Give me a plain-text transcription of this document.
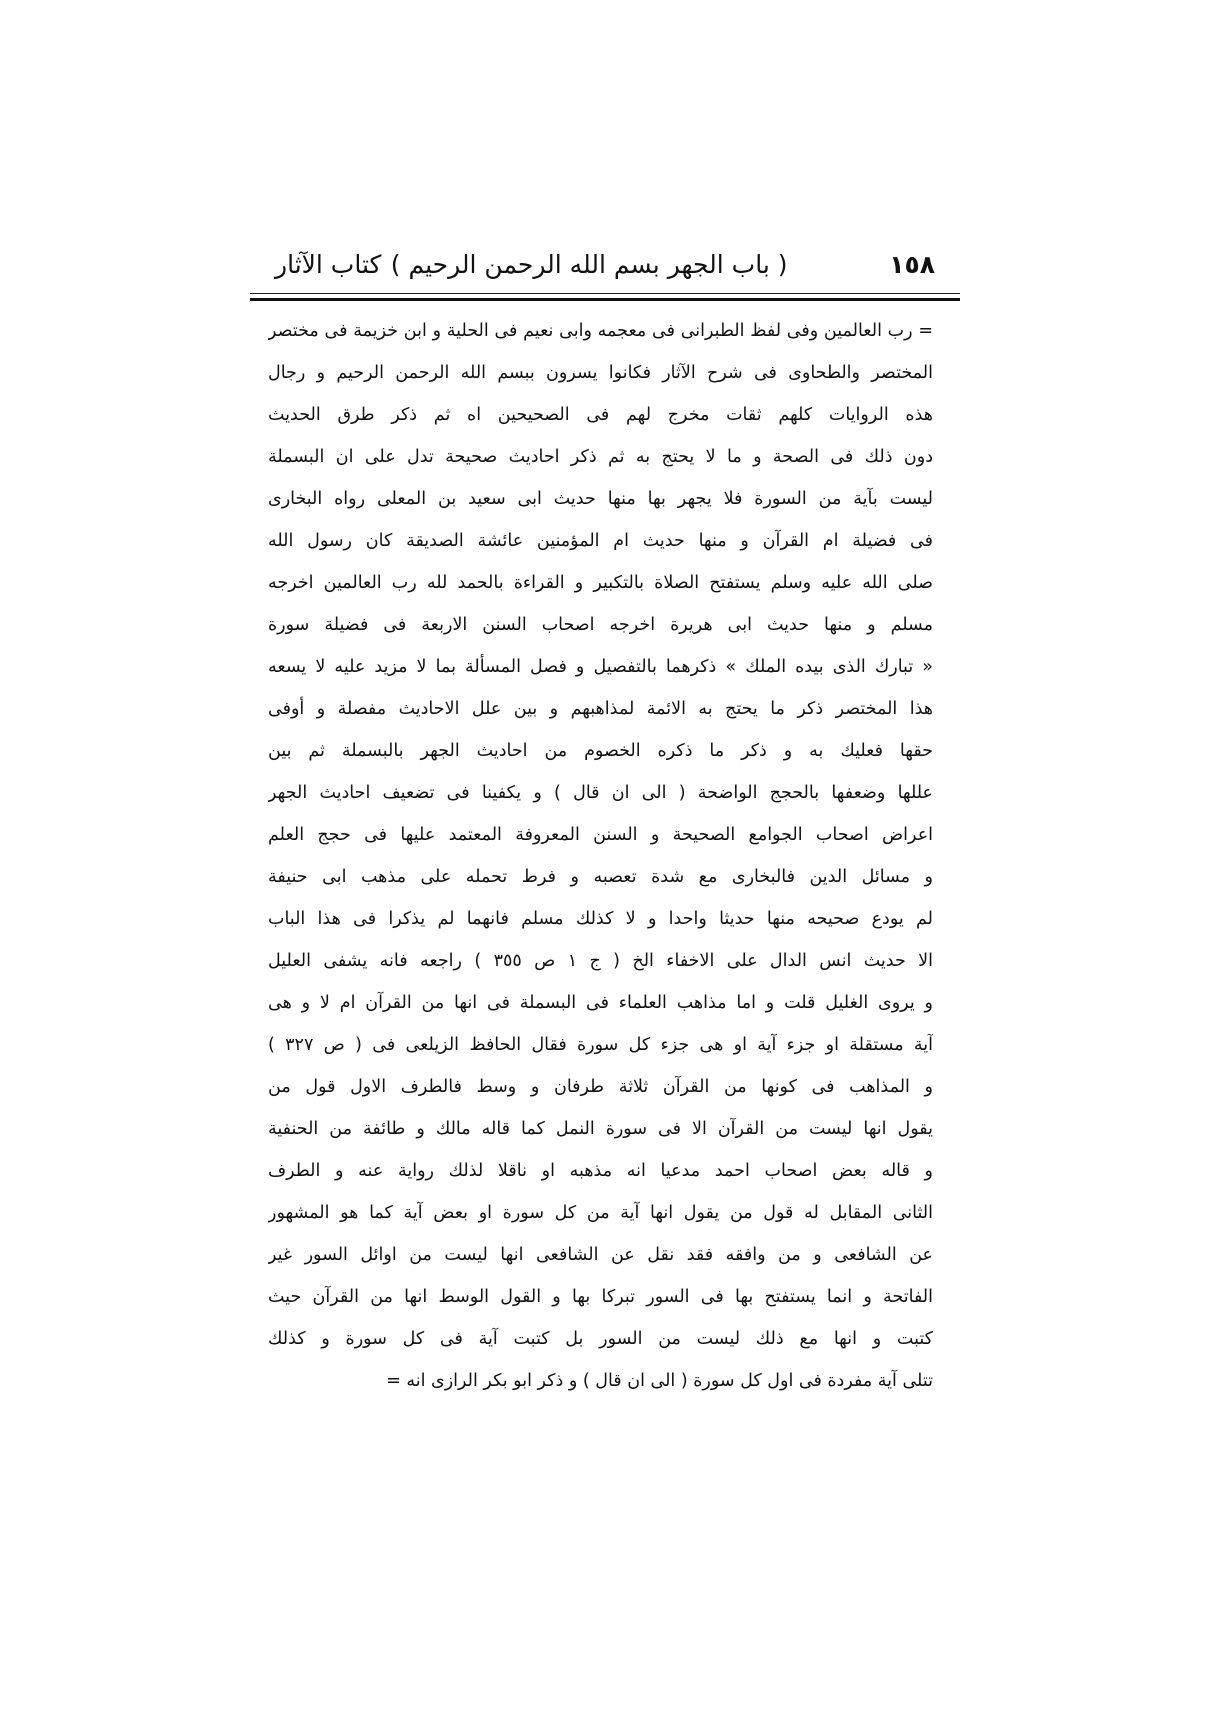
كتاب الآثار ( باب الجهر بسم الله الرحمن الرحيم )	١٥٨
= رب العالمين وفى لفظ الطبرانى فى معجمه وابى نعيم فى الحلية و ابن خزيمة فى مختصر
المختصر والطحاوى فى شرح الآثار فكانوا يسرون ببسم الله الرحمن الرحيم و رجال
هذه الروايات كلهم ثقات مخرج لهم فى الصحيحين اه ثم ذكر طرق الحديث
دون ذلك فى الصحة و ما لا يحتج به ثم ذكر احاديث صحيحة تدل على ان البسملة
ليست بآية من السورة فلا يجهر بها منها حديث ابى سعيد بن المعلى رواه البخارى
فى فضيلة ام القرآن و منها حديث ام المؤمنين عائشة الصديقة كان رسول الله
صلى الله عليه وسلم يستفتح الصلاة بالتكبير و القراءة بالحمد لله رب العالمين اخرجه
مسلم و منها حديث ابى هريرة اخرجه اصحاب السنن الاربعة فى فضيلة سورة
« تبارك الذى بيده الملك » ذكرهما بالتفصيل و فصل المسألة بما لا مزيد عليه لا يسعه
هذا المختصر ذكر ما يحتج به الائمة لمذاهبهم و بين علل الاحاديث مفصلة و أوفى
حقها فعليك به و ذكر ما ذكره الخصوم من احاديث الجهر بالبسملة ثم بين
عللها وضعفها بالحجج الواضحة ( الى ان قال ) و يكفينا فى تضعيف احاديث الجهر
اعراض اصحاب الجوامع الصحيحة و السنن المعروفة المعتمد عليها فى حجج العلم
و مسائل الدين فالبخارى مع شدة تعصبه و فرط تحمله على مذهب ابى حنيفة
لم يودع صحيحه منها حديثا واحدا و لا كذلك مسلم فانهما لم يذكرا فى هذا الباب
الا حديث انس الدال على الاخفاء الخ ( ج ١ ص ٣٥٥ ) راجعه فانه يشفى العليل
و يروى الغليل قلت و اما مذاهب العلماء فى البسملة فى انها من القرآن ام لا و هى
آية مستقلة او جزء آية او هى جزء كل سورة فقال الحافظ الزيلعى فى ( ص ٣٢٧ )
و المذاهب فى كونها من القرآن ثلاثة طرفان و وسط فالطرف الاول قول من
يقول انها ليست من القرآن الا فى سورة النمل كما قاله مالك و طائفة من الحنفية
و قاله بعض اصحاب احمد مدعيا انه مذهبه او ناقلا لذلك رواية عنه و الطرف
الثانى المقابل له قول من يقول انها آية من كل سورة او بعض آية كما هو المشهور
عن الشافعى و من وافقه فقد نقل عن الشافعى انها ليست من اوائل السور غير
الفاتحة و انما يستفتح بها فى السور تبركا بها و القول الوسط انها من القرآن حيث
كتبت و انها مع ذلك ليست من السور بل كتبت آية فى كل سورة و كذلك
تتلى آية مفردة فى اول كل سورة ( الى ان قال ) و ذكر ابو بكر الرازى انه =
